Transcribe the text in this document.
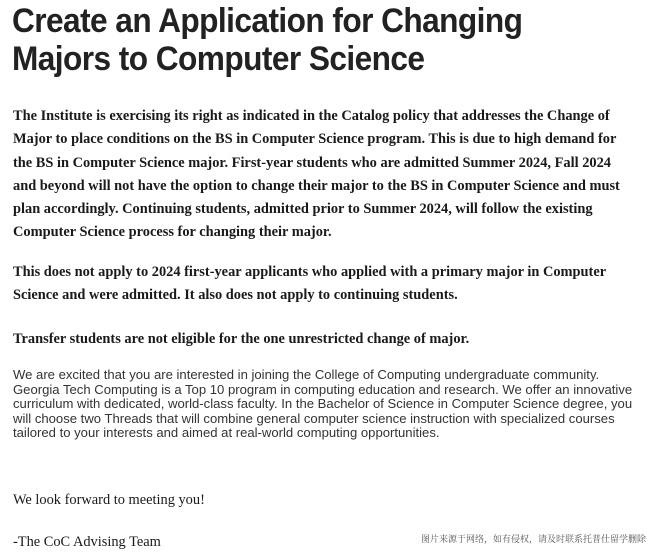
Create an Application for Changing Majors to Computer Science

The Institute is exercising its right as indicated in the Catalog policy that addresses the Change of Major to place conditions on the BS in Computer Science program. This is due to high demand for the BS in Computer Science major. First-year students who are admitted Summer 2024, Fall 2024 and beyond will not have the option to change their major to the BS in Computer Science and must plan accordingly. Continuing students, admitted prior to Summer 2024, will follow the existing Computer Science process for changing their major.

This does not apply to 2024 first-year applicants who applied with a primary major in Computer Science and were admitted. It also does not apply to continuing students.

Transfer students are not eligible for the one unrestricted change of major.

We are excited that you are interested in joining the College of Computing undergraduate community. Georgia Tech Computing is a Top 10 program in computing education and research. We offer an innovative curriculum with dedicated, world-class faculty. In the Bachelor of Science in Computer Science degree, you will choose two Threads that will combine general computer science instruction with specialized courses tailored to your interests and aimed at real-world computing opportunities.

We look forward to meeting you!

-The CoC Advising Team	图片来源于网络，如有侵权，请及时联系托普仕留学删除
